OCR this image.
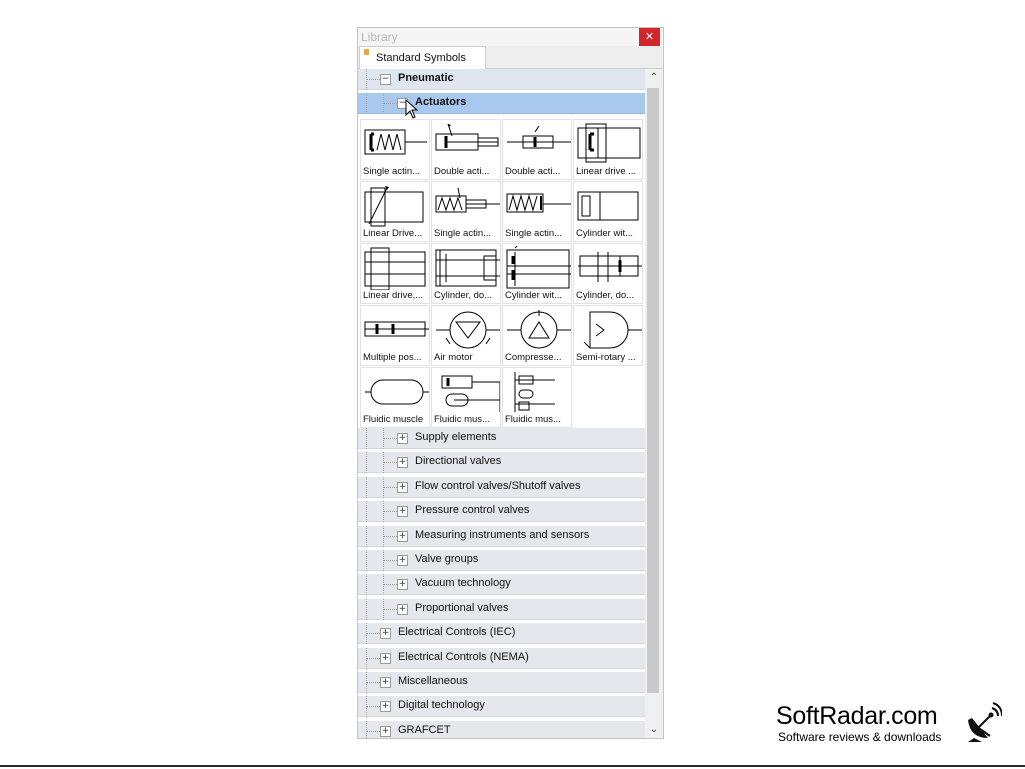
Library	✕
Standard Symbols
− Pneumatic
− Actuators
Single actin...	Double acti...	Double acti...	Linear drive ...
Linear Drive...	Single actin...	Single actin...	Cylinder wit...
Linear drive,...	Cylinder, do...	Cylinder wit...	Cylinder, do...
Multiple pos...	Air motor	Compresse...	Semi-rotary ...
Fluidic muscle	Fluidic mus...	Fluidic mus...
+ Supply elements
+ Directional valves
+ Flow control valves/Shutoff valves
+ Pressure control valves
+ Measuring instruments and sensors
+ Valve groups
+ Vacuum technology
+ Proportional valves
+ Electrical Controls (IEC)
+ Electrical Controls (NEMA)
+ Miscellaneous
+ Digital technology
+ GRAFCET
⌃
⌄	SoftRadar.com
Software reviews & downloads
